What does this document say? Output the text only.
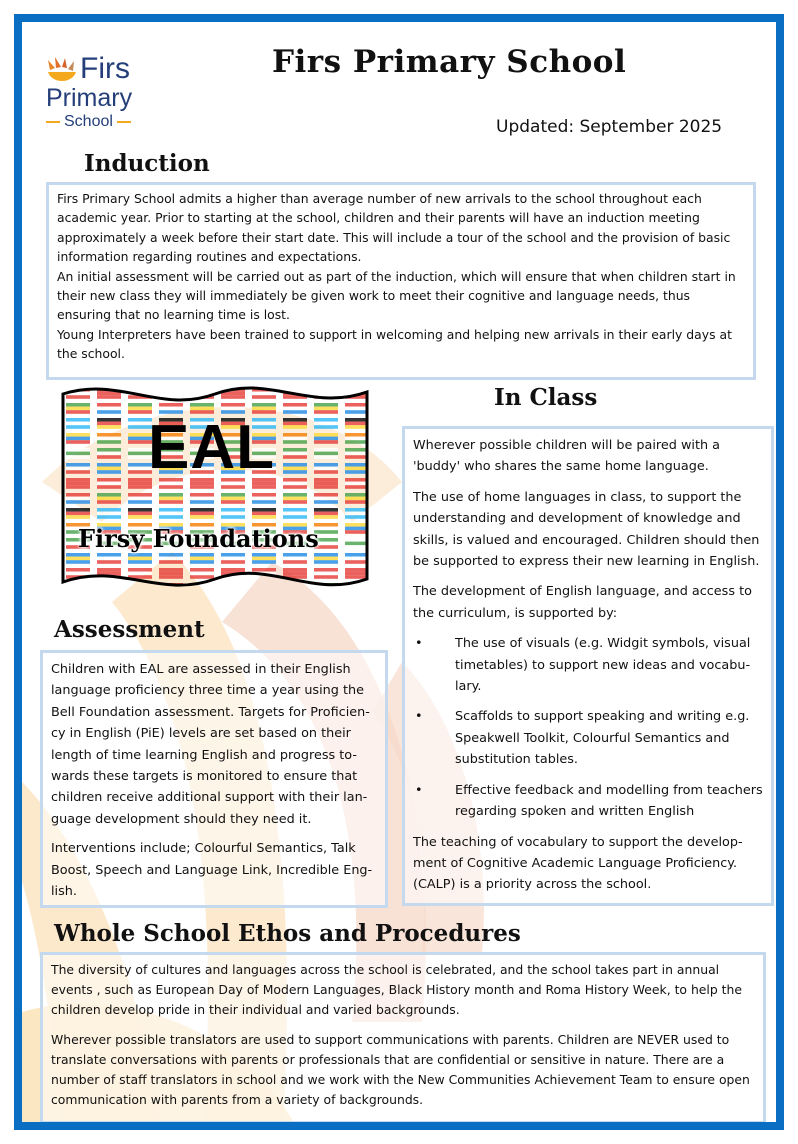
Firs
Primary
School
Firs Primary School
Updated: September 2025
Induction

Firs Primary School admits a higher than average number of new arrivals to the school throughout each academic year. Prior to starting at the school, children and their parents will have an induction meeting approximately a week before their start date. This will include a tour of the school and the provision of basic information regarding routines and expectations.

An initial assessment will be carried out as part of the induction, which will ensure that when children start in their new class they will immediately be given work to meet their cognitive and language needs, thus ensuring that no learning time is lost.

Young Interpreters have been trained to support in welcoming and helping new arrivals in their early days at the school.

EAL
Firsy Foundations
In Class

Wherever possible children will be paired with a 'buddy' who shares the same home language.

The use of home languages in class, to support the understanding and development of knowledge and skills, is valued and encouraged. Children should then be supported to express their new learning in English.

The development of English language, and access to the curriculum, is supported by:

•	The use of visuals (e.g. Widgit symbols, visual timetables) to support new ideas and vocabu-lary.
•	Scaffolds to support speaking and writing e.g. Speakwell Toolkit, Colourful Semantics and substitution tables.
•	Effective feedback and modelling from teachers regarding spoken and written English

The teaching of vocabulary to support the develop-ment of Cognitive Academic Language Proficiency. (CALP) is a priority across the school.

Assessment

Children with EAL are assessed in their English language proficiency three time a year using the Bell Foundation assessment. Targets for Proficien-cy in English (PiE) levels are set based on their length of time learning English and progress to-wards these targets is monitored to ensure that children receive additional support with their lan-guage development should they need it.

Interventions include; Colourful Semantics, Talk Boost, Speech and Language Link, Incredible Eng-lish.

Whole School Ethos and Procedures

The diversity of cultures and languages across the school is celebrated, and the school takes part in annual events , such as European Day of Modern Languages, Black History month and Roma History Week, to help the children develop pride in their individual and varied backgrounds.

Wherever possible translators are used to support communications with parents. Children are NEVER used to translate conversations with parents or professionals that are confidential or sensitive in nature. There are a number of staff translators in school and we work with the New Communities Achievement Team to ensure open communication with parents from a variety of backgrounds.
